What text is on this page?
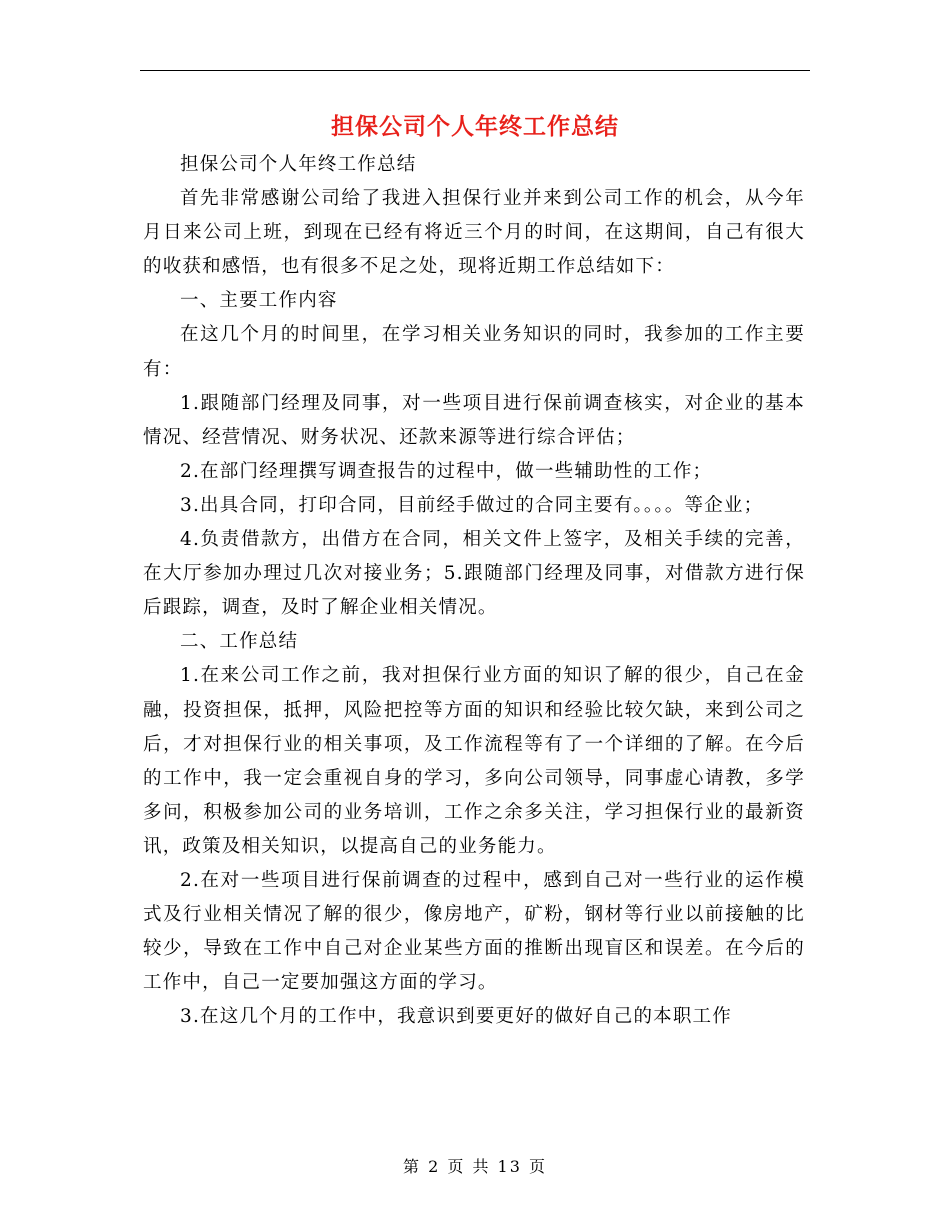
担保公司个人年终工作总结

担保公司个人年终工作总结

首先非常感谢公司给了我进入担保行业并来到公司工作的机会，从今年月日来公司上班，到现在已经有将近三个月的时间，在这期间，自己有很大的收获和感悟，也有很多不足之处，现将近期工作总结如下：

一、主要工作内容

在这几个月的时间里，在学习相关业务知识的同时，我参加的工作主要有：

1.跟随部门经理及同事，对一些项目进行保前调查核实，对企业的基本情况、经营情况、财务状况、还款来源等进行综合评估；

2.在部门经理撰写调查报告的过程中，做一些辅助性的工作；

3.出具合同，打印合同，目前经手做过的合同主要有。。。。等企业；

4.负责借款方，出借方在合同，相关文件上签字，及相关手续的完善，在大厅参加办理过几次对接业务；5.跟随部门经理及同事，对借款方进行保后跟踪，调查，及时了解企业相关情况。

二、工作总结

1.在来公司工作之前，我对担保行业方面的知识了解的很少，自己在金融，投资担保，抵押，风险把控等方面的知识和经验比较欠缺，来到公司之后，才对担保行业的相关事项，及工作流程等有了一个详细的了解。在今后的工作中，我一定会重视自身的学习，多向公司领导，同事虚心请教，多学多问，积极参加公司的业务培训，工作之余多关注，学习担保行业的最新资讯，政策及相关知识，以提高自己的业务能力。

2.在对一些项目进行保前调查的过程中，感到自己对一些行业的运作模式及行业相关情况了解的很少，像房地产，矿粉，钢材等行业以前接触的比较少，导致在工作中自己对企业某些方面的推断出现盲区和误差。在今后的工作中，自己一定要加强这方面的学习。

3.在这几个月的工作中，我意识到要更好的做好自己的本职工作

第 2 页 共 13 页
